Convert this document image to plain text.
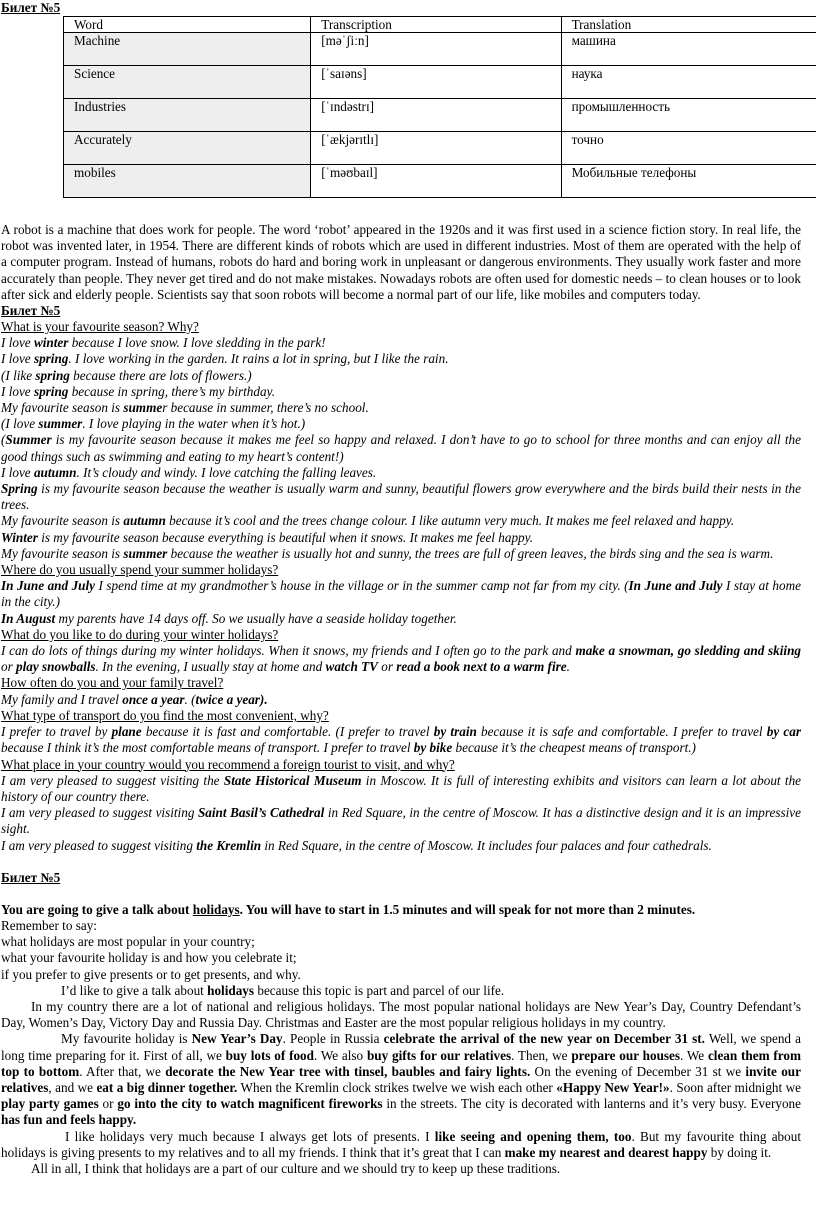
Билет №5
Word	Transcription	Translation
Machine	[məˈʃiːn]	машина
Science	[ˈsaɪəns]	наука
Industries	[ˈɪndəstrɪ]	промышленность
Accurately	[ˈækjərɪtlɪ]	точно
mobiles	[ˈməʊbaɪl]	Мобильные телефоны

A robot is a machine that does work for people. The word ‘robot’ appeared in the 1920s and it was first used in a science fiction story. In real life, the robot was invented later, in 1954. There are different kinds of robots which are used in different industries. Most of them are operated with the help of a computer program. Instead of humans, robots do hard and boring work in unpleasant or dangerous environments. They usually work faster and more accurately than people. They never get tired and do not make mistakes. Nowadays robots are often used for domestic needs – to clean houses or to look after sick and elderly people. Scientists say that soon robots will become a normal part of our life, like mobiles and computers today.

Билет №5

What is your favourite season? Why?

I love winter because I love snow. I love sledding in the park!

I love spring. I love working in the garden. It rains a lot in spring, but I like the rain.

(I like spring because there are lots of flowers.)

I love spring because in spring, there’s my birthday.

My favourite season is summer because in summer, there’s no school.

(I love summer. I love playing in the water when it’s hot.)

(Summer is my favourite season because it makes me feel so happy and relaxed. I don’t have to go to school for three months and can enjoy all the good things such as swimming and eating to my heart’s content!)

I love autumn. It’s cloudy and windy. I love catching the falling leaves.

Spring is my favourite season because the weather is usually warm and sunny, beautiful flowers grow everywhere and the birds build their nests in the trees.

My favourite season is autumn because it’s cool and the trees change colour. I like autumn very much. It makes me feel relaxed and happy.

Winter is my favourite season because everything is beautiful when it snows. It makes me feel happy.

My favourite season is summer because the weather is usually hot and sunny, the trees are full of green leaves, the birds sing and the sea is warm.

Where do you usually spend your summer holidays?

In June and July I spend time at my grandmother’s house in the village or in the summer camp not far from my city. (In June and July I stay at home in the city.)

In August my parents have 14 days off. So we usually have a seaside holiday together.

What do you like to do during your winter holidays?

I can do lots of things during my winter holidays. When it snows, my friends and I often go to the park and make a snowman, go sledding and skiing or play snowballs. In the evening, I usually stay at home and watch TV or read a book next to a warm fire.

How often do you and your family travel?

My family and I travel once a year. (twice a year).

What type of transport do you find the most convenient, why?

I prefer to travel by plane because it is fast and comfortable. (I prefer to travel by train because it is safe and comfortable. I prefer to travel by car because I think it’s the most comfortable means of transport. I prefer to travel by bike because it’s the cheapest means of transport.)

What place in your country would you recommend a foreign tourist to visit, and why?

I am very pleased to suggest visiting the State Historical Museum in Moscow. It is full of interesting exhibits and visitors can learn a lot about the history of our country there.

I am very pleased to suggest visiting Saint Basil’s Cathedral in Red Square, in the centre of Moscow. It has a distinctive design and it is an impressive sight.

I am very pleased to suggest visiting the Kremlin in Red Square, in the centre of Moscow. It includes four palaces and four cathedrals.

Билет №5

You are going to give a talk about holidays. You will have to start in 1.5 minutes and will speak for not more than 2 minutes.

Remember to say:

what holidays are most popular in your country;

what your favourite holiday is and how you celebrate it;

if you prefer to give presents or to get presents, and why.

I’d like to give a talk about holidays because this topic is part and parcel of our life.

In my country there are a lot of national and religious holidays. The most popular national holidays are New Year’s Day, Country Defendant’s Day, Women’s Day, Victory Day and Russia Day. Christmas and Easter are the most popular religious holidays in my country.

My favourite holiday is New Year’s Day. People in Russia celebrate the arrival of the new year on December 31 st. Well, we spend a long time preparing for it. First of all, we buy lots of food. We also buy gifts for our relatives. Then, we prepare our houses. We clean them from top to bottom. After that, we decorate the New Year tree with tinsel, baubles and fairy lights. On the evening of December 31 st we invite our relatives, and we eat a big dinner together. When the Kremlin clock strikes twelve we wish each other «Happy New Year!». Soon after midnight we play party games or go into the city to watch magnificent fireworks in the streets. The city is decorated with lanterns and it’s very busy. Everyone has fun and feels happy.

I like holidays very much because I always get lots of presents. I like seeing and opening them, too. But my favourite thing about holidays is giving presents to my relatives and to all my friends. I think that it’s great that I can make my nearest and dearest happy by doing it.

All in all, I think that holidays are a part of our culture and we should try to keep up these traditions.
